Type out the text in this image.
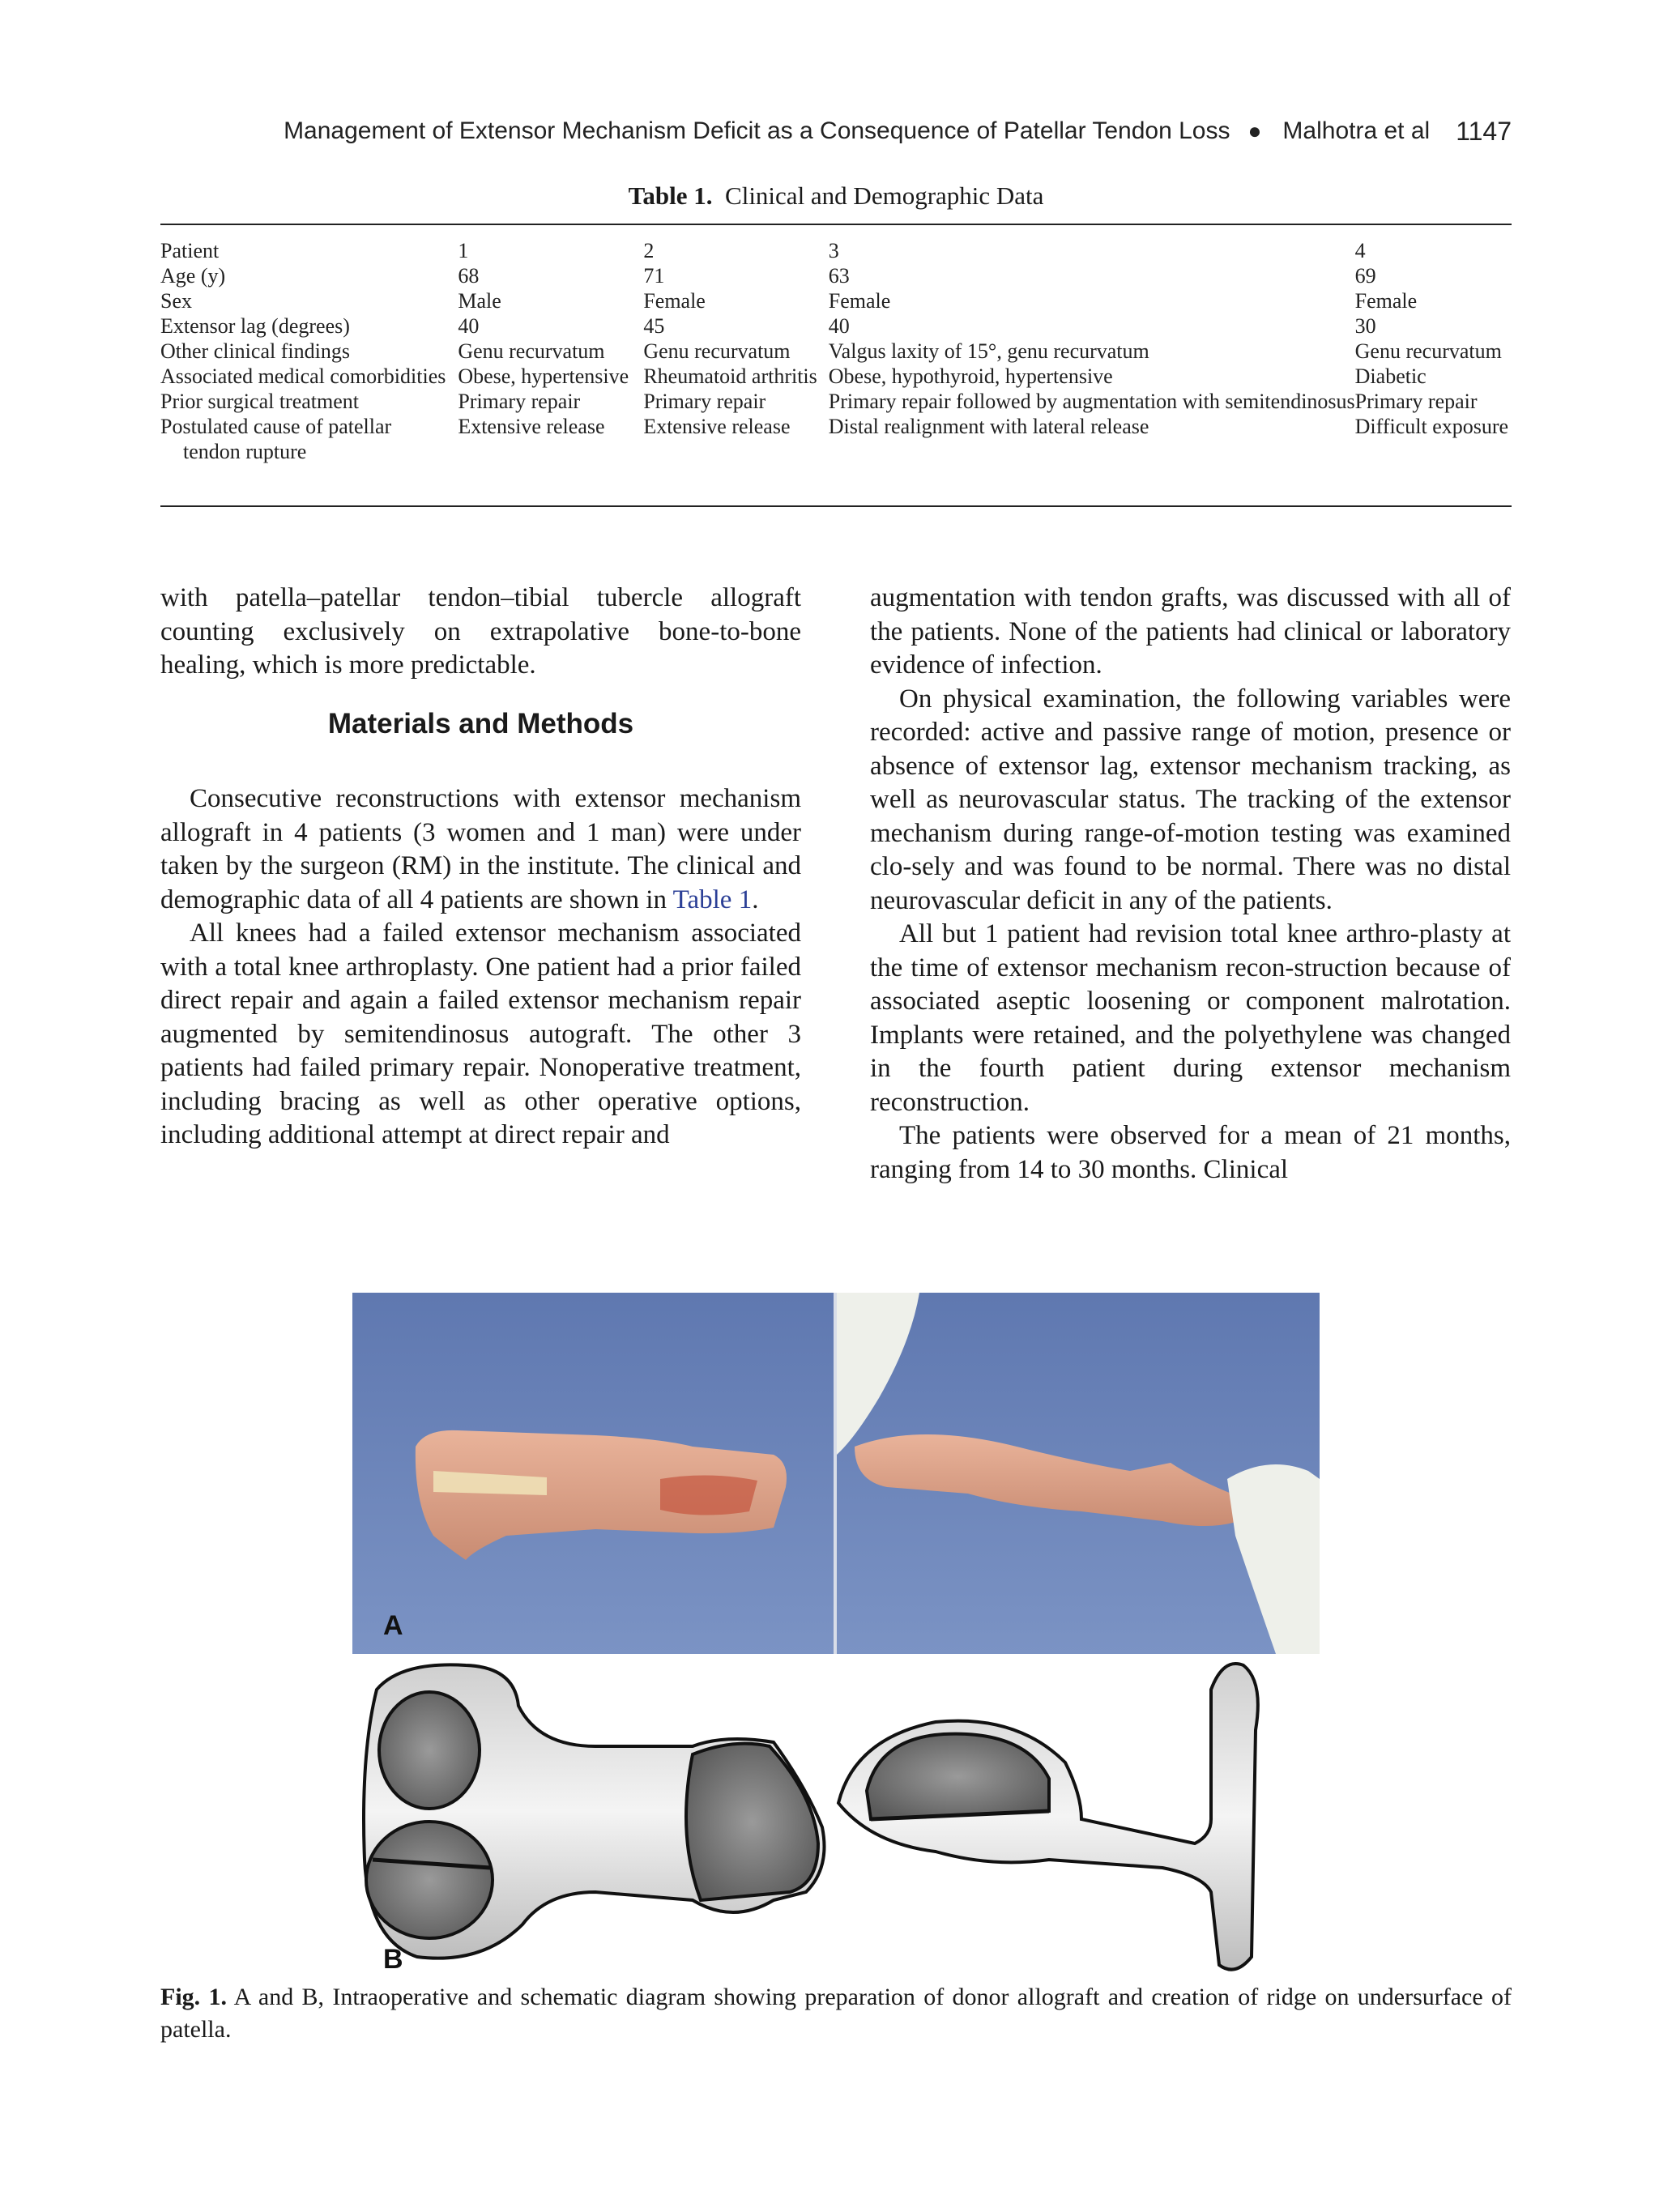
Management of Extensor Mechanism Deficit as a Consequence of Patellar Tendon Loss ● Malhotra et al 1147
Table 1. Clinical and Demographic Data
Patient	1	2	3	4
Age (y)	68	71	63	69
Sex	Male	Female	Female	Female
Extensor lag (degrees)	40	45	40	30
Other clinical findings	Genu recurvatum	Genu recurvatum	Valgus laxity of 15°, genu recurvatum	Genu recurvatum
Associated medical comorbidities	Obese, hypertensive	Rheumatoid arthritis	Obese, hypothyroid, hypertensive	Diabetic
Prior surgical treatment	Primary repair	Primary repair	Primary repair followed by augmentation with semitendinosus	Primary repair
Postulated cause of patellar
tendon rupture	Extensive release	Extensive release	Distal realignment with lateral release	Difficult exposure

with patella–patellar tendon–tibial tubercle allograft counting exclusively on extrapolative bone-to-bone healing, which is more predictable.

Materials and Methods

Consecutive reconstructions with extensor mechanism allograft in 4 patients (3 women and 1 man) were under taken by the surgeon (RM) in the institute. The clinical and demographic data of all 4 patients are shown in Table 1.

All knees had a failed extensor mechanism associated with a total knee arthroplasty. One patient had a prior failed direct repair and again a failed extensor mechanism repair augmented by semitendinosus autograft. The other 3 patients had failed primary repair. Nonoperative treatment, including bracing as well as other operative options, including additional attempt at direct repair and

augmentation with tendon grafts, was discussed with all of the patients. None of the patients had clinical or laboratory evidence of infection.

On physical examination, the following variables were recorded: active and passive range of motion, presence or absence of extensor lag, extensor mechanism tracking, as well as neurovascular status. The tracking of the extensor mechanism during range-of-motion testing was examined clo-sely and was found to be normal. There was no distal neurovascular deficit in any of the patients.

All but 1 patient had revision total knee arthro-plasty at the time of extensor mechanism recon-struction because of associated aseptic loosening or component malrotation. Implants were retained, and the polyethylene was changed in the fourth patient during extensor mechanism reconstruction.

The patients were observed for a mean of 21 months, ranging from 14 to 30 months. Clinical

A
B
Fig. 1. A and B, Intraoperative and schematic diagram showing preparation of donor allograft and creation of ridge on undersurface of patella.
